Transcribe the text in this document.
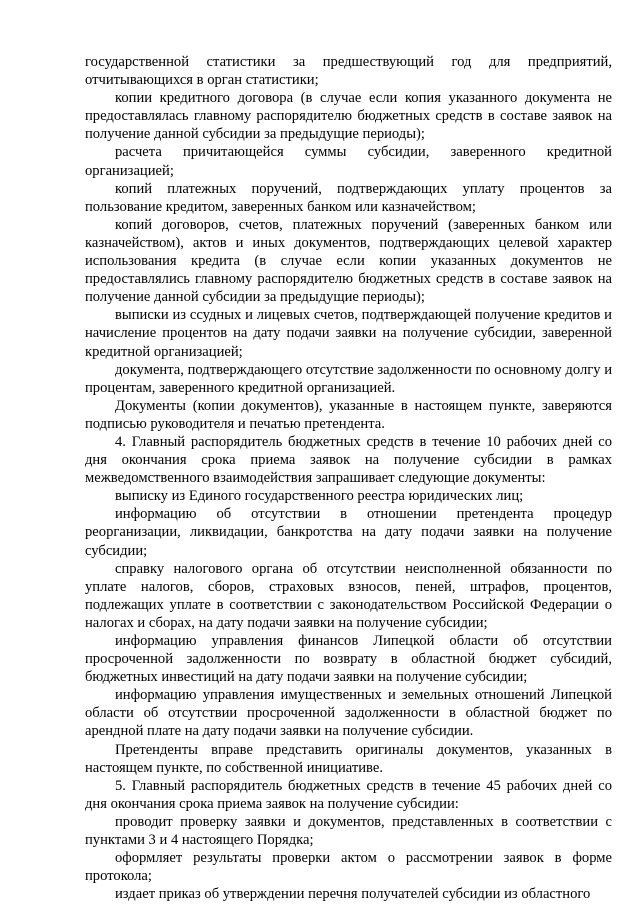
государственной статистики за предшествующий год для предприятий, отчитывающихся в орган статистики;

копии кредитного договора (в случае если копия указанного документа не предоставлялась главному распорядителю бюджетных средств в составе заявок на получение данной субсидии за предыдущие периоды);

расчета причитающейся суммы субсидии, заверенного кредитной организацией;

копий платежных поручений, подтверждающих уплату процентов за пользование кредитом, заверенных банком или казначейством;

копий договоров, счетов, платежных поручений (заверенных банком или казначейством), актов и иных документов, подтверждающих целевой характер использования кредита (в случае если копии указанных документов не предоставлялись главному распорядителю бюджетных средств в составе заявок на получение данной субсидии за предыдущие периоды);

выписки из ссудных и лицевых счетов, подтверждающей получение кредитов и начисление процентов на дату подачи заявки на получение субсидии, заверенной кредитной организацией;

документа, подтверждающего отсутствие задолженности по основному долгу и процентам, заверенного кредитной организацией.

Документы (копии документов), указанные в настоящем пункте, заверяются подписью руководителя и печатью претендента.

4. Главный распорядитель бюджетных средств в течение 10 рабочих дней со дня окончания срока приема заявок на получение субсидии в рамках межведомственного взаимодействия запрашивает следующие документы:

выписку из Единого государственного реестра юридических лиц;

информацию об отсутствии в отношении претендента процедур реорганизации, ликвидации, банкротства на дату подачи заявки на получение субсидии;

справку налогового органа об отсутствии неисполненной обязанности по уплате налогов, сборов, страховых взносов, пеней, штрафов, процентов, подлежащих уплате в соответствии с законодательством Российской Федерации о налогах и сборах, на дату подачи заявки на получение субсидии;

информацию управления финансов Липецкой области об отсутствии просроченной задолженности по возврату в областной бюджет субсидий, бюджетных инвестиций на дату подачи заявки на получение субсидии;

информацию управления имущественных и земельных отношений Липецкой области об отсутствии просроченной задолженности в областной бюджет по арендной плате на дату подачи заявки на получение субсидии.

Претенденты вправе представить оригиналы документов, указанных в настоящем пункте, по собственной инициативе.

5. Главный распорядитель бюджетных средств в течение 45 рабочих дней со дня окончания срока приема заявок на получение субсидии:

проводит проверку заявки и документов, представленных в соответствии с пунктами 3 и 4 настоящего Порядка;

оформляет результаты проверки актом о рассмотрении заявок в форме протокола;

издает приказ об утверждении перечня получателей субсидии из областного
